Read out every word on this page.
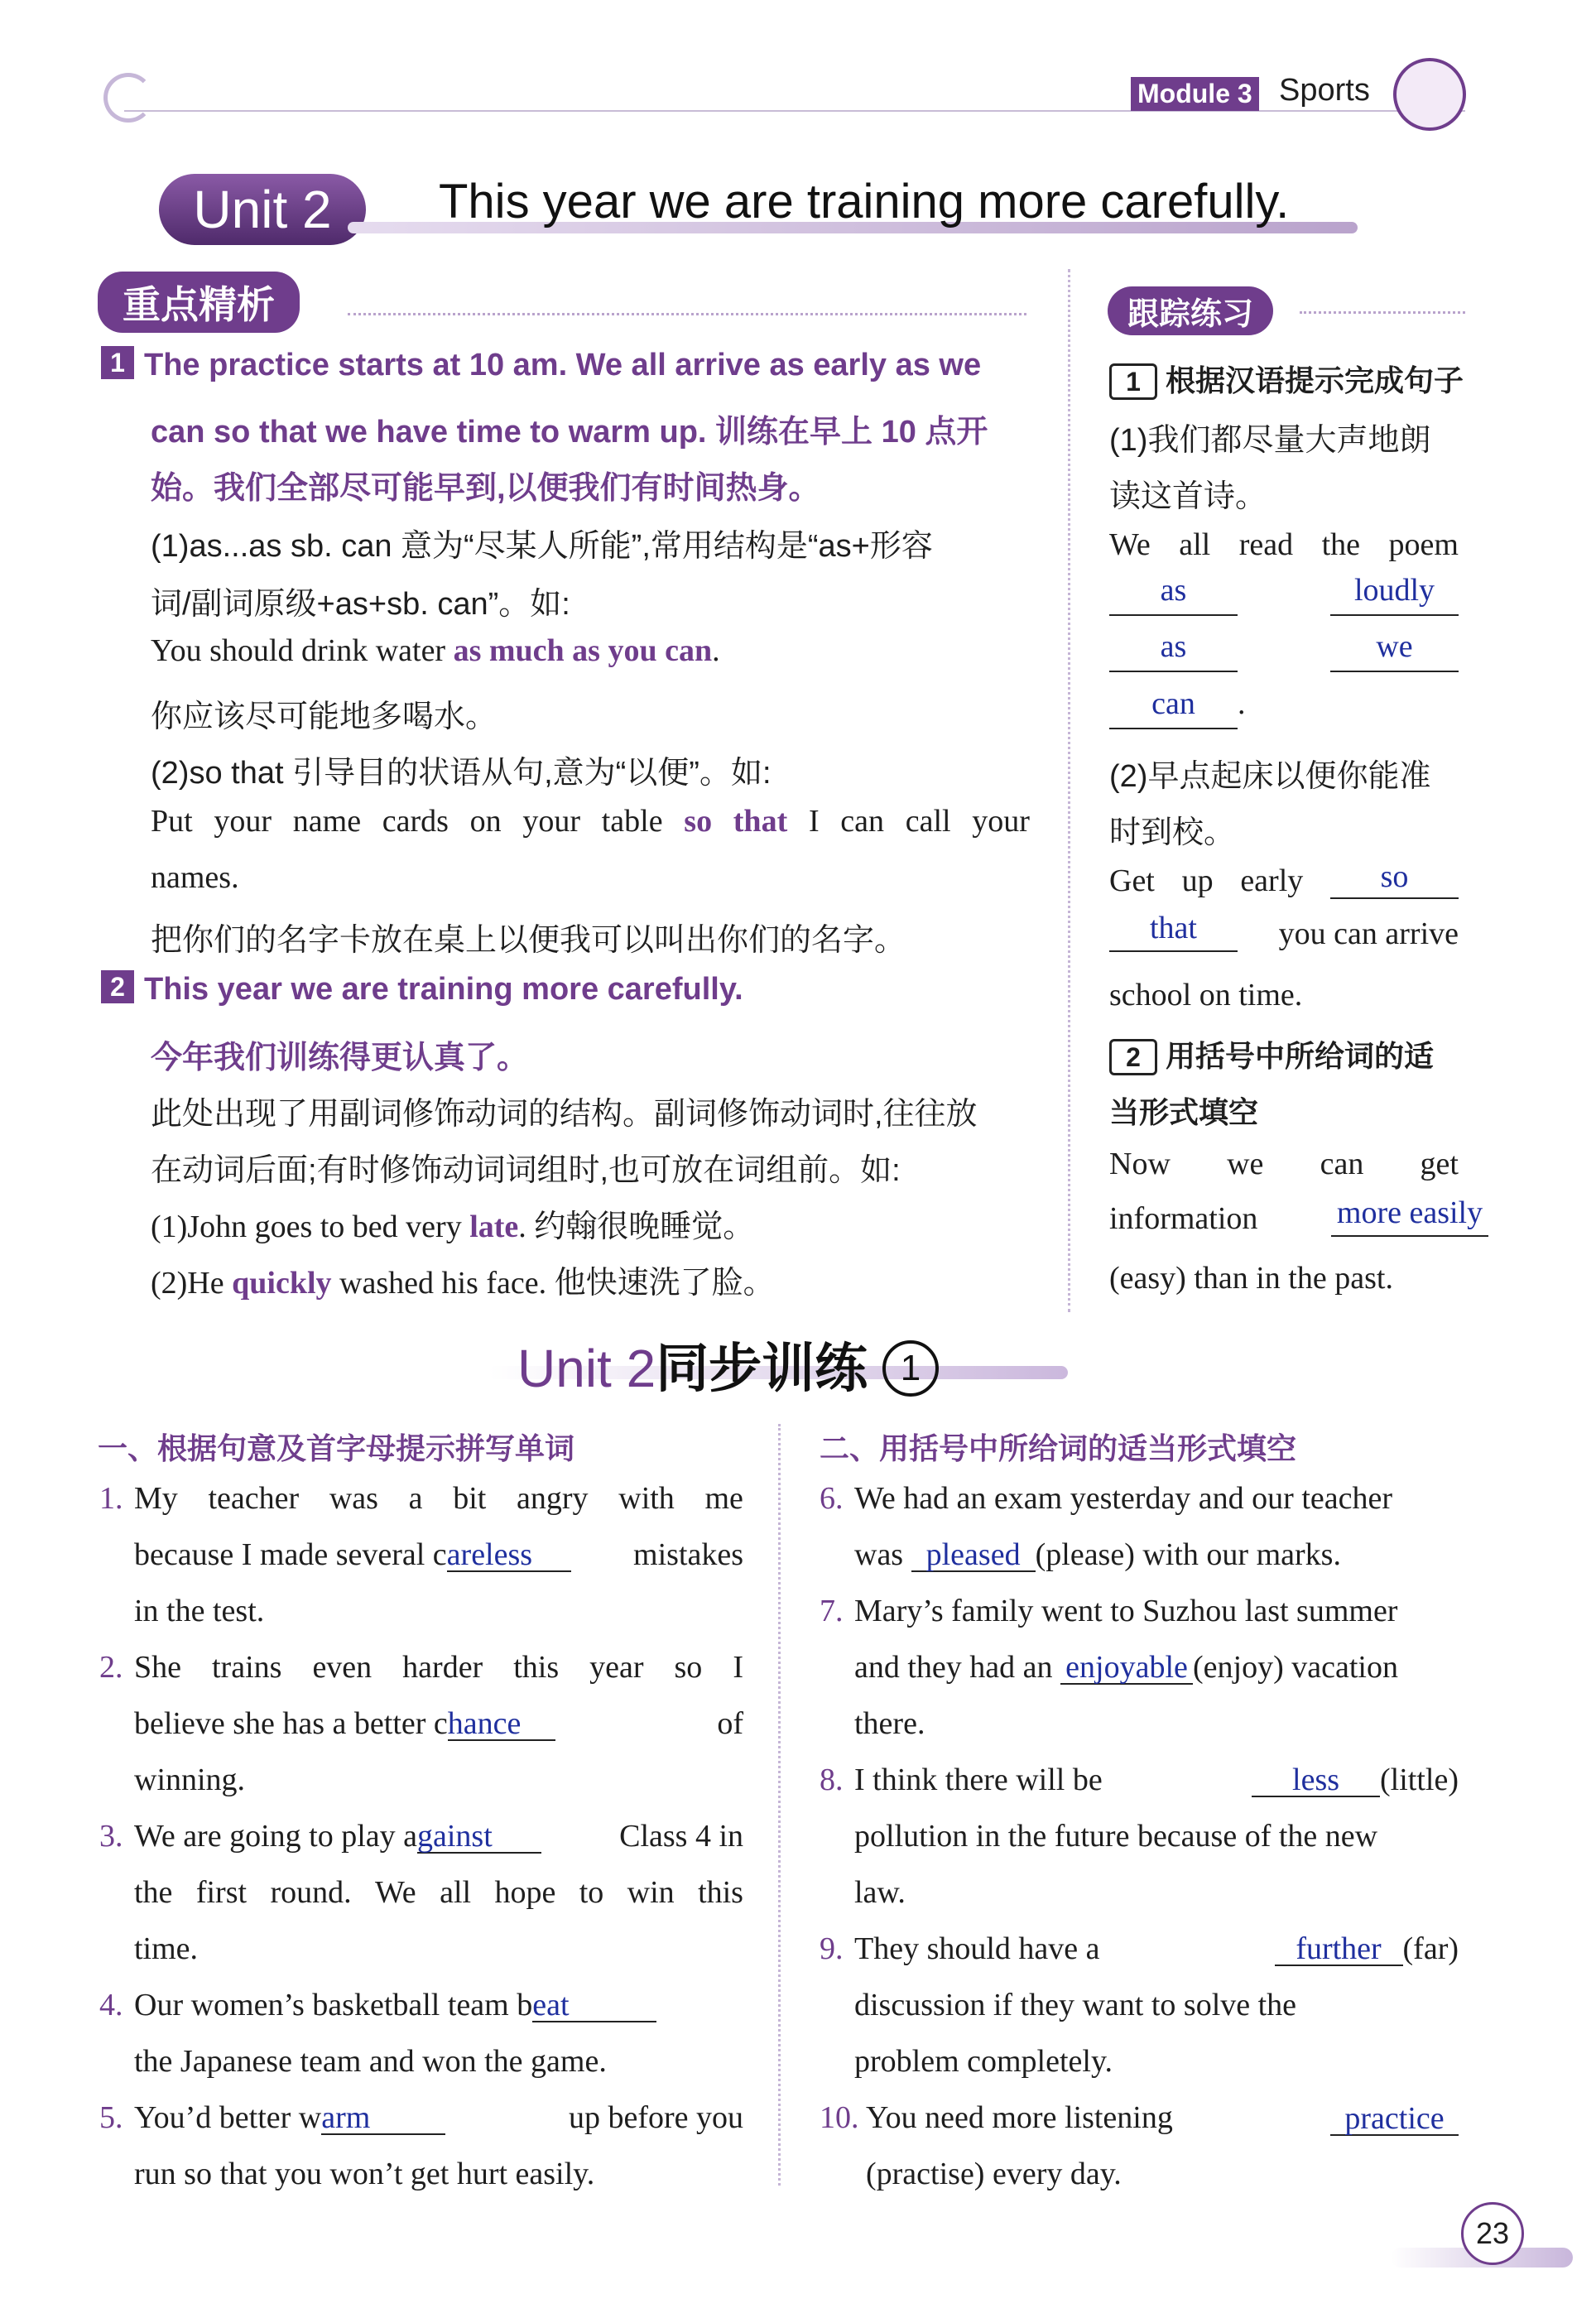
Module 3 Sports
Unit 2	This year we are training more carefully.
重点精析
1 The practice starts at 10 am. We all arrive as early as we
can so that we have time to warm up. 训练在早上 10 点开
始。我们全部尽可能早到,以便我们有时间热身。
(1)as...as sb. can 意为“尽某人所能”,常用结构是“as+形容
词/副词原级+as+sb. can”。如:
You should drink water as much as you can.
你应该尽可能地多喝水。
(2)so that 引导目的状语从句,意为“以便”。如:
Put your name cards on your table so that I can call your
names.
把你们的名字卡放在桌上以便我可以叫出你们的名字。
2 This year we are training more carefully.
今年我们训练得更认真了。
此处出现了用副词修饰动词的结构。副词修饰动词时,往往放
在动词后面;有时修饰动词词组时,也可放在词组前。如:
(1)John goes to bed very late. 约翰很晚睡觉。
(2)He quickly washed his face. 他快速洗了脸。
跟踪练习
1 根据汉语提示完成句子
(1)我们都尽量大声地朗
读这首诗。
We all read the poem
as	loudly
as	we
can .
(2)早点起床以便你能准
时到校。
Get up early	so
that	you can arrive
school on time.
2 用括号中所给词的适
当形式填空
Now we can get
information	more easily
(easy) than in the past.
Unit 2同步训练 1
一、根据句意及首字母提示拼写单词	二、用括号中所给词的适当形式填空
1. My teacher was a bit angry with me
because I made several careless	mistakes
in the test.
2. She trains even harder this year so I
believe she has a better chance	of
winning.
3. We are going to play against	Class 4 in
the first round. We all hope to win this
time.
4. Our women’s basketball team beat
the Japanese team and won the game.
5. You’d better warm	up before you
run so that you won’t get hurt easily.
6. We had an exam yesterday and our teacher
was pleased (please) with our marks.
7. Mary’s family went to Suzhou last summer
and they had an enjoyable (enjoy) vacation
there.
8. I think there will be	less (little)
pollution in the future because of the new
law.
9. They should have a	further (far)
discussion if they want to solve the
problem completely.
10. You need more listening	practice
(practise) every day.
23
